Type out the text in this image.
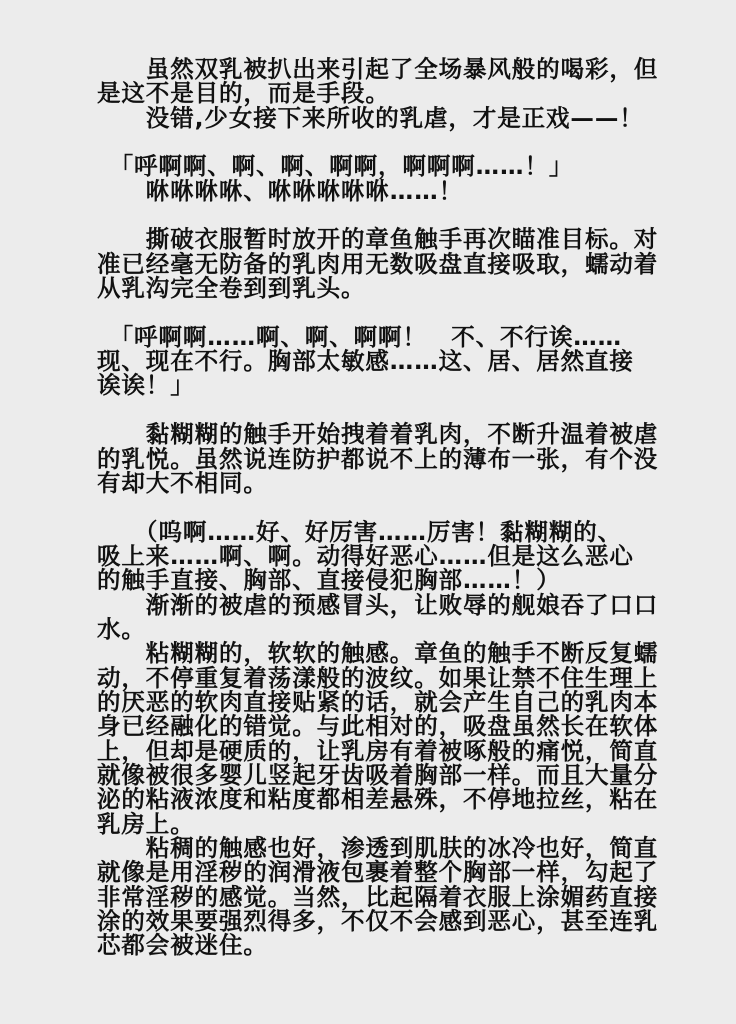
　　虽然双乳被扒出来引起了全场暴风般的喝彩，但
是这不是目的，而是手段。
　　没错,少女接下来所收的乳虐，才是正戏——！
　「呼啊啊、啊、啊、啊啊，啊啊啊……！」
　　咻咻咻咻、咻咻咻咻咻……！
　　撕破衣服暂时放开的章鱼触手再次瞄准目标。对
准已经毫无防备的乳肉用无数吸盘直接吸取，蠕动着
从乳沟完全卷到到乳头。
　「呼啊啊……啊、啊、啊啊！　不、不行诶……
现、现在不行。胸部太敏感……这、居、居然直接
诶诶！」
　　黏糊糊的触手开始拽着着乳肉，不断升温着被虐
的乳悦。虽然说连防护都说不上的薄布一张，有个没
有却大不相同。
　　（呜啊……好、好厉害……厉害！黏糊糊的、
吸上来……啊、啊。动得好恶心……但是这么恶心
的触手直接、胸部、直接侵犯胸部……！）
　　渐渐的被虐的预感冒头，让败辱的舰娘吞了口口
水。
　　粘糊糊的，软软的触感。章鱼的触手不断反复蠕
动，不停重复着荡漾般的波纹。如果让禁不住生理上
的厌恶的软肉直接贴紧的话，就会产生自己的乳肉本
身已经融化的错觉。与此相对的，吸盘虽然长在软体
上，但却是硬质的，让乳房有着被啄般的痛悦，简直
就像被很多婴儿竖起牙齿吸着胸部一样。而且大量分
泌的粘液浓度和粘度都相差悬殊，不停地拉丝，粘在
乳房上。
　　粘稠的触感也好，渗透到肌肤的冰冷也好，简直
就像是用淫秽的润滑液包裹着整个胸部一样，勾起了
非常淫秽的感觉。当然，比起隔着衣服上涂媚药直接
涂的效果要强烈得多，不仅不会感到恶心，甚至连乳
芯都会被迷住。
